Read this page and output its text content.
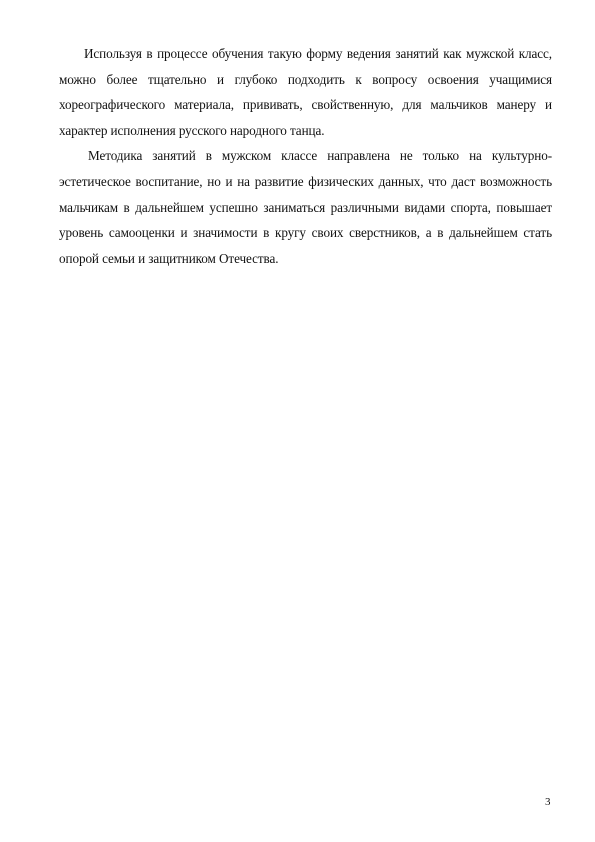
Используя в процессе обучения такую форму ведения занятий как мужской класс, можно более тщательно и глубоко подходить к вопросу освоения учащимися хореографического материала, прививать, свойственную, для мальчиков манеру и характер исполнения русского народного танца.

Методика занятий в мужском классе направлена не только на культурно-эстетическое воспитание, но и на развитие физических данных, что даст возможность мальчикам в дальнейшем успешно заниматься различными видами спорта, повышает уровень самооценки и значимости в кругу своих сверстников, а в дальнейшем стать опорой семьи и защитником Отечества.

3
